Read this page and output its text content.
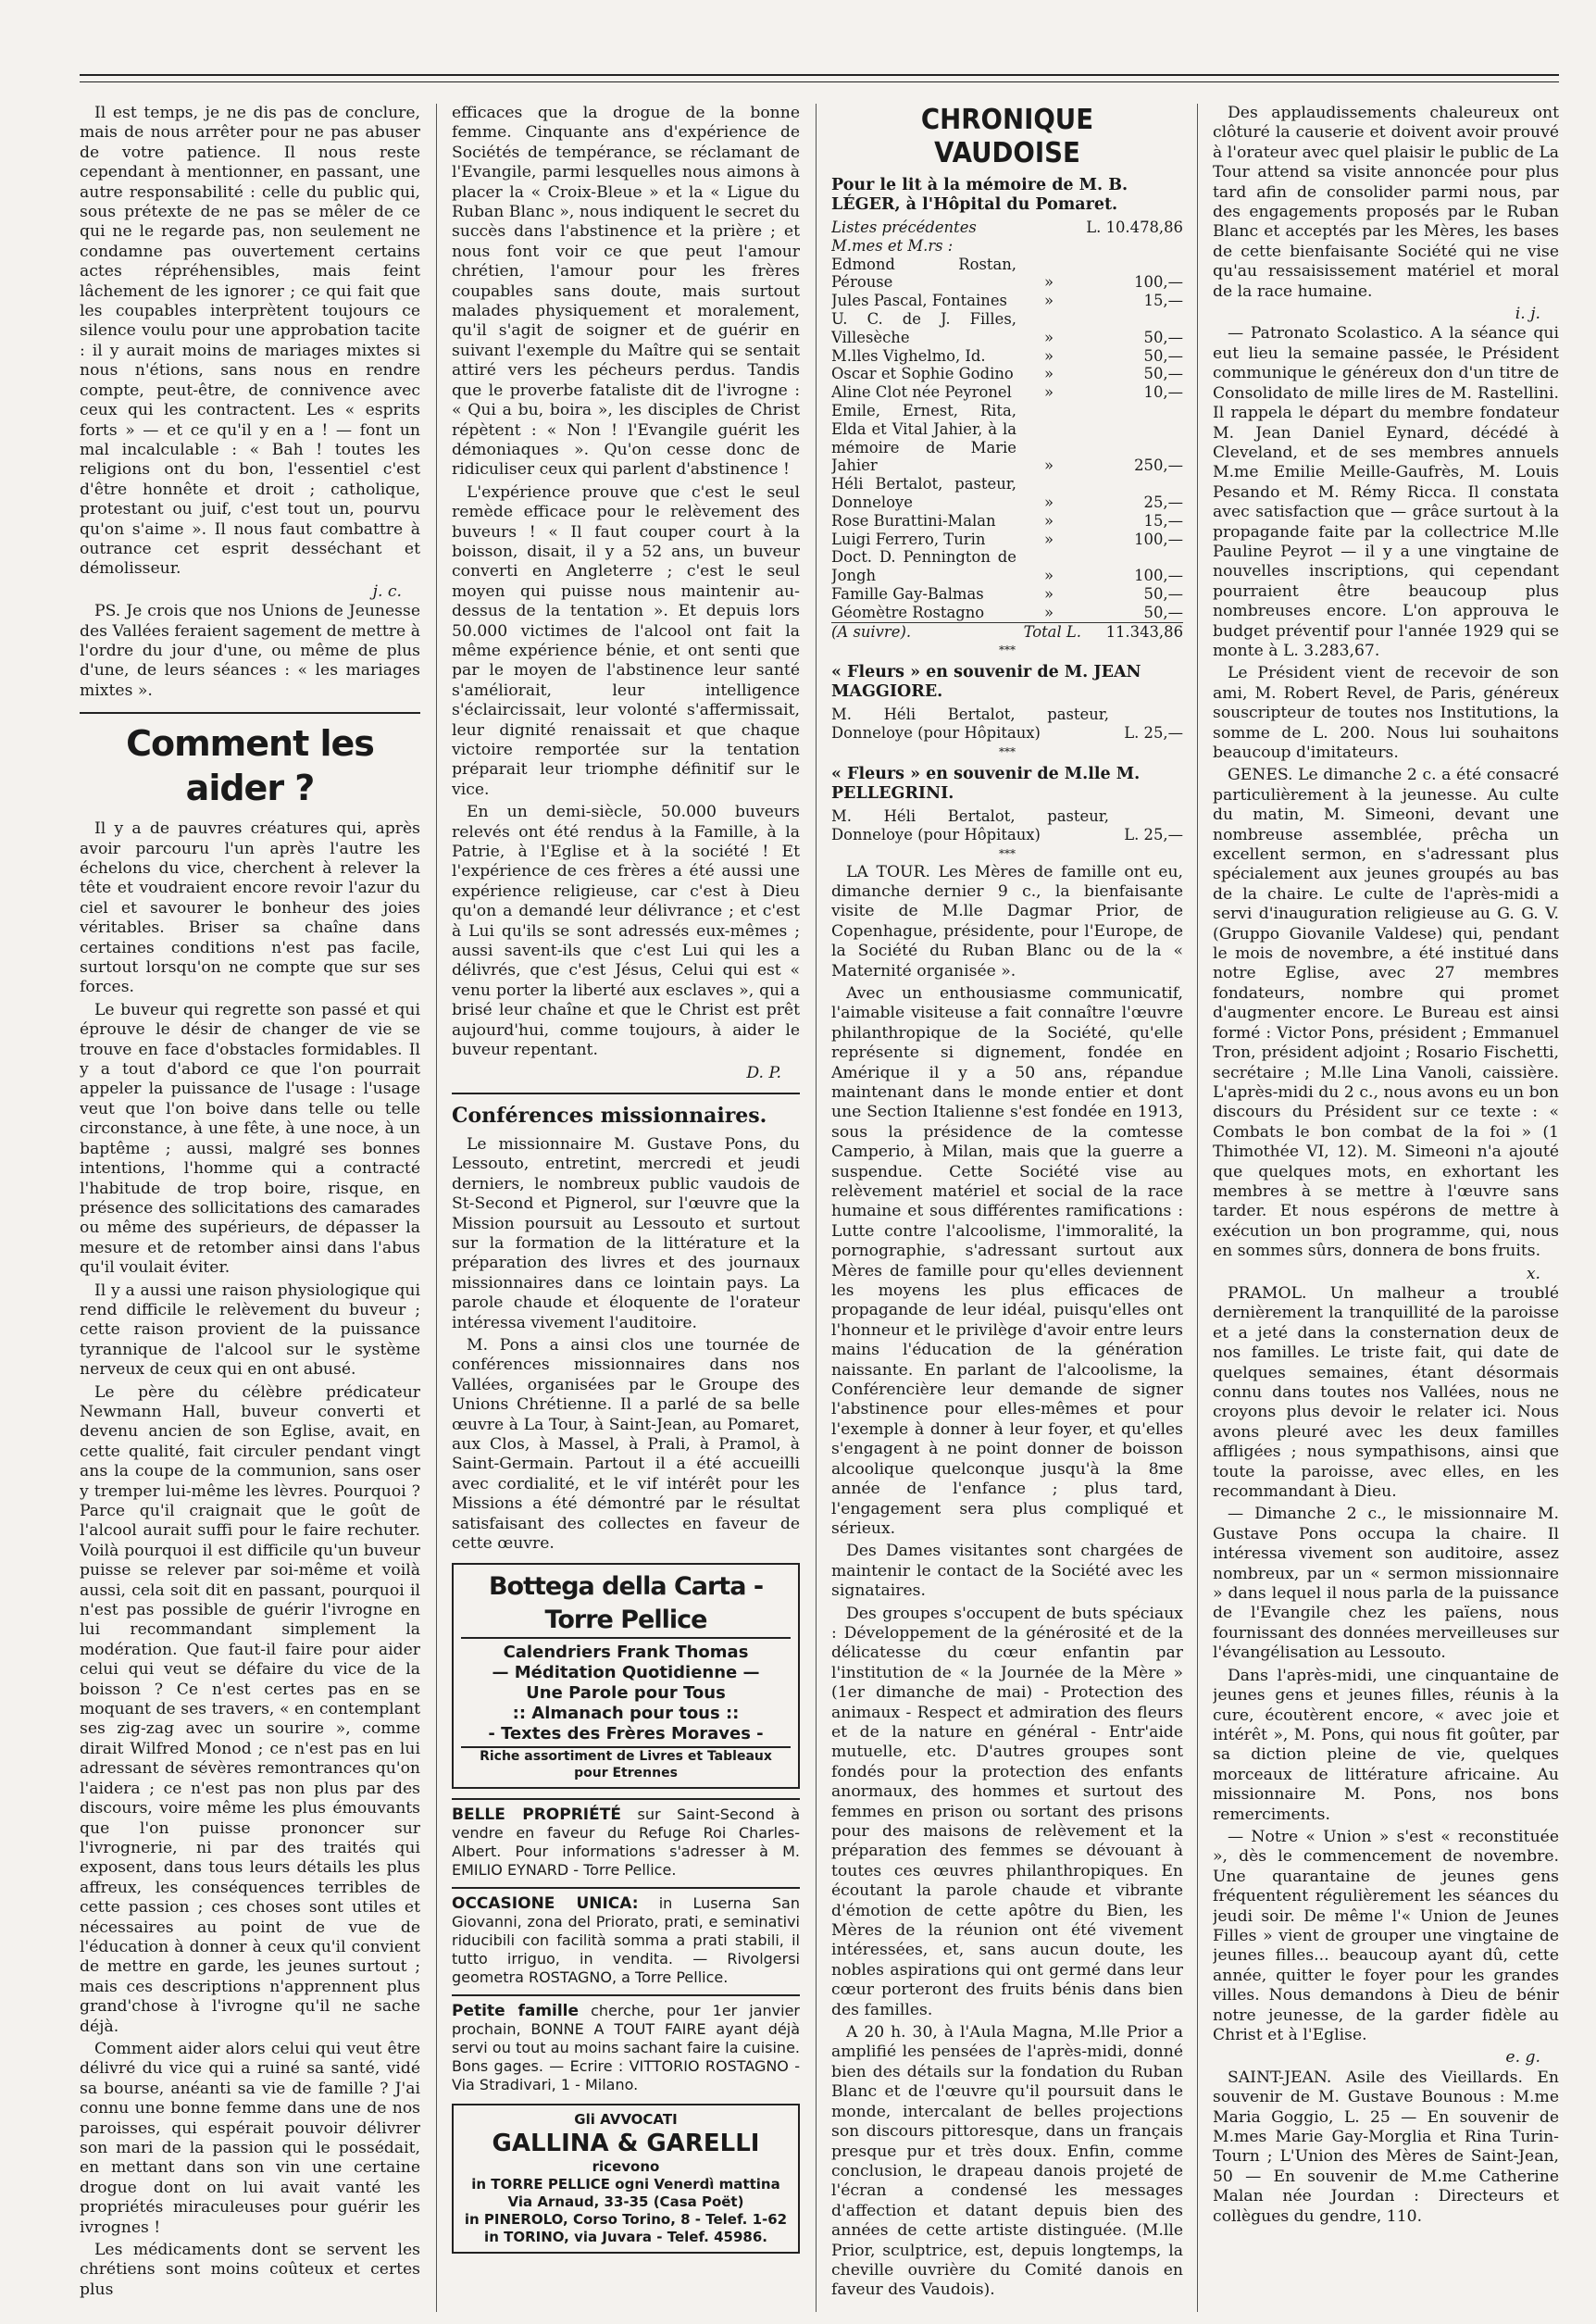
Il est temps, je ne dis pas de conclure, mais de nous arrêter pour ne pas abuser de votre patience. Il nous reste cependant à mentionner, en passant, une autre responsabilité : celle du public qui, sous prétexte de ne pas se mêler de ce qui ne le regarde pas, non seulement ne condamne pas ouvertement certains actes répréhensibles, mais feint lâchement de les ignorer ; ce qui fait que les coupables interprètent toujours ce silence voulu pour une approbation tacite : il y aurait moins de mariages mixtes si nous n'étions, sans nous en rendre compte, peut-être, de connivence avec ceux qui les contractent. Les « esprits forts » — et ce qu'il y en a ! — font un mal incalculable : « Bah ! toutes les religions ont du bon, l'essentiel c'est d'être honnête et droit ; catholique, protestant ou juif, c'est tout un, pourvu qu'on s'aime ». Il nous faut combattre à outrance cet esprit desséchant et démolisseur.

j. c.

PS. Je crois que nos Unions de Jeunesse des Vallées feraient sagement de mettre à l'ordre du jour d'une, ou même de plus d'une, de leurs séances : « les mariages mixtes ».

Comment les aider ?

Il y a de pauvres créatures qui, après avoir parcouru l'un après l'autre les échelons du vice, cherchent à relever la tête et voudraient encore revoir l'azur du ciel et savourer le bonheur des joies véritables. Briser sa chaîne dans certaines conditions n'est pas facile, surtout lorsqu'on ne compte que sur ses forces.

Le buveur qui regrette son passé et qui éprouve le désir de changer de vie se trouve en face d'obstacles formidables. Il y a tout d'abord ce que l'on pourrait appeler la puissance de l'usage : l'usage veut que l'on boive dans telle ou telle circonstance, à une fête, à une noce, à un baptême ; aussi, malgré ses bonnes intentions, l'homme qui a contracté l'habitude de trop boire, risque, en présence des sollicitations des camarades ou même des supérieurs, de dépasser la mesure et de retomber ainsi dans l'abus qu'il voulait éviter.

Il y a aussi une raison physiologique qui rend difficile le relèvement du buveur ; cette raison provient de la puissance tyrannique de l'alcool sur le système nerveux de ceux qui en ont abusé.

Le père du célèbre prédicateur Newmann Hall, buveur converti et devenu ancien de son Eglise, avait, en cette qualité, fait circuler pendant vingt ans la coupe de la communion, sans oser y tremper lui-même les lèvres. Pourquoi ? Parce qu'il craignait que le goût de l'alcool aurait suffi pour le faire rechuter. Voilà pourquoi il est difficile qu'un buveur puisse se relever par soi-même et voilà aussi, cela soit dit en passant, pourquoi il n'est pas possible de guérir l'ivrogne en lui recommandant simplement la modération. Que faut-il faire pour aider celui qui veut se défaire du vice de la boisson ? Ce n'est certes pas en se moquant de ses travers, « en contemplant ses zig-zag avec un sourire », comme dirait Wilfred Monod ; ce n'est pas en lui adressant de sévères remontrances qu'on l'aidera ; ce n'est pas non plus par des discours, voire même les plus émouvants que l'on puisse prononcer sur l'ivrognerie, ni par des traités qui exposent, dans tous leurs détails les plus affreux, les conséquences terribles de cette passion ; ces choses sont utiles et nécessaires au point de vue de l'éducation à donner à ceux qu'il convient de mettre en garde, les jeunes surtout ; mais ces descriptions n'apprennent plus grand'chose à l'ivrogne qu'il ne sache déjà.

Comment aider alors celui qui veut être délivré du vice qui a ruiné sa santé, vidé sa bourse, anéanti sa vie de famille ? J'ai connu une bonne femme dans une de nos paroisses, qui espérait pouvoir délivrer son mari de la passion qui le possédait, en mettant dans son vin une certaine drogue dont on lui avait vanté les propriétés miraculeuses pour guérir les ivrognes !

Les médicaments dont se servent les chrétiens sont moins coûteux et certes plus

efficaces que la drogue de la bonne femme. Cinquante ans d'expérience de Sociétés de tempérance, se réclamant de l'Evangile, parmi lesquelles nous aimons à placer la « Croix-Bleue » et la « Ligue du Ruban Blanc », nous indiquent le secret du succès dans l'abstinence et la prière ; et nous font voir ce que peut l'amour chrétien, l'amour pour les frères coupables sans doute, mais surtout malades physiquement et moralement, qu'il s'agit de soigner et de guérir en suivant l'exemple du Maître qui se sentait attiré vers les pécheurs perdus. Tandis que le proverbe fataliste dit de l'ivrogne : « Qui a bu, boira », les disciples de Christ répètent : « Non ! l'Evangile guérit les démoniaques ». Qu'on cesse donc de ridiculiser ceux qui parlent d'abstinence !

L'expérience prouve que c'est le seul remède efficace pour le relèvement des buveurs ! « Il faut couper court à la boisson, disait, il y a 52 ans, un buveur converti en Angleterre ; c'est le seul moyen qui puisse nous maintenir au-dessus de la tentation ». Et depuis lors 50.000 victimes de l'alcool ont fait la même expérience bénie, et ont senti que par le moyen de l'abstinence leur santé s'améliorait, leur intelligence s'éclaircissait, leur volonté s'affermissait, leur dignité renaissait et que chaque victoire remportée sur la tentation préparait leur triomphe définitif sur le vice.

En un demi-siècle, 50.000 buveurs relevés ont été rendus à la Famille, à la Patrie, à l'Eglise et à la société ! Et l'expérience de ces frères a été aussi une expérience religieuse, car c'est à Dieu qu'on a demandé leur délivrance ; et c'est à Lui qu'ils se sont adressés eux-mêmes ; aussi savent-ils que c'est Lui qui les a délivrés, que c'est Jésus, Celui qui est « venu porter la liberté aux esclaves », qui a brisé leur chaîne et que le Christ est prêt aujourd'hui, comme toujours, à aider le buveur repentant.

D. P.
Conférences missionnaires.

Le missionnaire M. Gustave Pons, du Lessouto, entretint, mercredi et jeudi derniers, le nombreux public vaudois de St-Second et Pignerol, sur l'œuvre que la Mission poursuit au Lessouto et surtout sur la formation de la littérature et la préparation des livres et des journaux missionnaires dans ce lointain pays. La parole chaude et éloquente de l'orateur intéressa vivement l'auditoire.

M. Pons a ainsi clos une tournée de conférences missionnaires dans nos Vallées, organisées par le Groupe des Unions Chrétienne. Il a parlé de sa belle œuvre à La Tour, à Saint-Jean, au Pomaret, aux Clos, à Massel, à Prali, à Pramol, à Saint-Germain. Partout il a été accueilli avec cordialité, et le vif intérêt pour les Missions a été démontré par le résultat satisfaisant des collectes en faveur de cette œuvre.

Bottega della Carta - Torre Pellice
Calendriers Frank Thomas
— Méditation Quotidienne —
Une Parole pour Tous
:: Almanach pour tous ::
- Textes des Frères Moraves -
Riche assortiment de Livres et Tableaux pour Etrennes
BELLE PROPRIÉTÉ sur Saint-Second à vendre en faveur du Refuge Roi Charles-Albert. Pour informations s'adresser à M. EMILIO EYNARD - Torre Pellice.
OCCASIONE UNICA: in Luserna San Giovanni, zona del Priorato, prati, e seminativi riducibili con facilità somma a prati stabili, il tutto irriguo, in vendita. — Rivolgersi geometra ROSTAGNO, a Torre Pellice.
Petite famille cherche, pour 1er janvier prochain, BONNE A TOUT FAIRE ayant déjà servi ou tout au moins sachant faire la cuisine. Bons gages. — Ecrire : VITTORIO ROSTAGNO - Via Stradivari, 1 - Milano.
Gli AVVOCATI
GALLINA & GARELLI
ricevono
in TORRE PELLICE ogni Venerdì mattina
Via Arnaud, 33-35 (Casa Poët)
in PINEROLO, Corso Torino, 8 - Telef. 1-62
in TORINO, via Juvara - Telef. 45986.
CHRONIQUE VAUDOISE
Pour le lit à la mémoire de M. B. LÉGER, à l'Hôpital du Pomaret.
Listes précédentes		L. 10.478,86
M.mes et M.rs :		
Edmond Rostan, Pérouse	»	100,—
Jules Pascal, Fontaines	»	15,—
U. C. de J. Filles, Villesèche	»	50,—
M.lles Vighelmo, Id.	»	50,—
Oscar et Sophie Godino	»	50,—
Aline Clot née Peyronel	»	10,—
Emile, Ernest, Rita, Elda et Vital Jahier, à la mémoire de Marie Jahier	»	250,—
Héli Bertalot, pasteur, Donneloye	»	25,—
Rose Burattini-Malan	»	15,—
Luigi Ferrero, Turin	»	100,—
Doct. D. Pennington de Jongh	»	100,—
Famille Gay-Balmas	»	50,—
Géomètre Rostagno	»	50,—
(A suivre).	Total L.	11.343,86
***
« Fleurs » en souvenir de M. JEAN MAGGIORE.
M. Héli Bertalot, pasteur, Donneloye (pour Hôpitaux)	L. 25,—
***
« Fleurs » en souvenir de M.lle M. PELLEGRINI.
M. Héli Bertalot, pasteur, Donneloye (pour Hôpitaux)	L. 25,—
***

LA TOUR. Les Mères de famille ont eu, dimanche dernier 9 c., la bienfaisante visite de M.lle Dagmar Prior, de Copenhague, présidente, pour l'Europe, de la Société du Ruban Blanc ou de la « Maternité organisée ».

Avec un enthousiasme communicatif, l'aimable visiteuse a fait connaître l'œuvre philanthropique de la Société, qu'elle représente si dignement, fondée en Amérique il y a 50 ans, répandue maintenant dans le monde entier et dont une Section Italienne s'est fondée en 1913, sous la présidence de la comtesse Camperio, à Milan, mais que la guerre a suspendue. Cette Société vise au relèvement matériel et social de la race humaine et sous différentes ramifications : Lutte contre l'alcoolisme, l'immoralité, la pornographie, s'adressant surtout aux Mères de famille pour qu'elles deviennent les moyens les plus efficaces de propagande de leur idéal, puisqu'elles ont l'honneur et le privilège d'avoir entre leurs mains l'éducation de la génération naissante. En parlant de l'alcoolisme, la Conférencière leur demande de signer l'abstinence pour elles-mêmes et pour l'exemple à donner à leur foyer, et qu'elles s'engagent à ne point donner de boisson alcoolique quelconque jusqu'à la 8me année de l'enfance ; plus tard, l'engagement sera plus compliqué et sérieux.

Des Dames visitantes sont chargées de maintenir le contact de la Société avec les signataires.

Des groupes s'occupent de buts spéciaux : Développement de la générosité et de la délicatesse du cœur enfantin par l'institution de « la Journée de la Mère » (1er dimanche de mai) - Protection des animaux - Respect et admiration des fleurs et de la nature en général - Entr'aide mutuelle, etc. D'autres groupes sont fondés pour la protection des enfants anormaux, des hommes et surtout des femmes en prison ou sortant des prisons pour des maisons de relèvement et la préparation des femmes se dévouant à toutes ces œuvres philanthropiques. En écoutant la parole chaude et vibrante d'émotion de cette apôtre du Bien, les Mères de la réunion ont été vivement intéressées, et, sans aucun doute, les nobles aspirations qui ont germé dans leur cœur porteront des fruits bénis dans bien des familles.

A 20 h. 30, à l'Aula Magna, M.lle Prior a amplifié les pensées de l'après-midi, donné bien des détails sur la fondation du Ruban Blanc et de l'œuvre qu'il poursuit dans le monde, intercalant de belles projections son discours pittoresque, dans un français presque pur et très doux. Enfin, comme conclusion, le drapeau danois projeté de l'écran a condensé les messages d'affection et datant depuis bien des années de cette artiste distinguée. (M.lle Prior, sculptrice, est, depuis longtemps, la cheville ouvrière du Comité danois en faveur des Vaudois).

Des applaudissements chaleureux ont clôturé la causerie et doivent avoir prouvé à l'orateur avec quel plaisir le public de La Tour attend sa visite annoncée pour plus tard afin de consolider parmi nous, par des engagements proposés par le Ruban Blanc et acceptés par les Mères, les bases de cette bienfaisante Société qui ne vise qu'au ressaisissement matériel et moral de la race humaine.

i. j.

— Patronato Scolastico. A la séance qui eut lieu la semaine passée, le Président communique le généreux don d'un titre de Consolidato de mille lires de M. Rastellini. Il rappela le départ du membre fondateur M. Jean Daniel Eynard, décédé à Cleveland, et de ses membres annuels M.me Emilie Meille-Gaufrès, M. Louis Pesando et M. Rémy Ricca. Il constata avec satisfaction que — grâce surtout à la propagande faite par la collectrice M.lle Pauline Peyrot — il y a une vingtaine de nouvelles inscriptions, qui cependant pourraient être beaucoup plus nombreuses encore. L'on approuva le budget préventif pour l'année 1929 qui se monte à L. 3.283,67.

Le Président vient de recevoir de son ami, M. Robert Revel, de Paris, généreux souscripteur de toutes nos Institutions, la somme de L. 200. Nous lui souhaitons beaucoup d'imitateurs.

GENES. Le dimanche 2 c. a été consacré particulièrement à la jeunesse. Au culte du matin, M. Simeoni, devant une nombreuse assemblée, prêcha un excellent sermon, en s'adressant plus spécialement aux jeunes groupés au bas de la chaire. Le culte de l'après-midi a servi d'inauguration religieuse au G. G. V. (Gruppo Giovanile Valdese) qui, pendant le mois de novembre, a été institué dans notre Eglise, avec 27 membres fondateurs, nombre qui promet d'augmenter encore. Le Bureau est ainsi formé : Victor Pons, président ; Emmanuel Tron, président adjoint ; Rosario Fischetti, secrétaire ; M.lle Lina Vanoli, caissière. L'après-midi du 2 c., nous avons eu un bon discours du Président sur ce texte : « Combats le bon combat de la foi » (1 Thimothée VI, 12). M. Simeoni n'a ajouté que quelques mots, en exhortant les membres à se mettre à l'œuvre sans tarder. Et nous espérons de mettre à exécution un bon programme, qui, nous en sommes sûrs, donnera de bons fruits.

x.

PRAMOL. Un malheur a troublé dernièrement la tranquillité de la paroisse et a jeté dans la consternation deux de nos familles. Le triste fait, qui date de quelques semaines, étant désormais connu dans toutes nos Vallées, nous ne croyons plus devoir le relater ici. Nous avons pleuré avec les deux familles affligées ; nous sympathisons, ainsi que toute la paroisse, avec elles, en les recommandant à Dieu.

— Dimanche 2 c., le missionnaire M. Gustave Pons occupa la chaire. Il intéressa vivement son auditoire, assez nombreux, par un « sermon missionnaire » dans lequel il nous parla de la puissance de l'Evangile chez les païens, nous fournissant des données merveilleuses sur l'évangélisation au Lessouto.

Dans l'après-midi, une cinquantaine de jeunes gens et jeunes filles, réunis à la cure, écoutèrent encore, « avec joie et intérêt », M. Pons, qui nous fit goûter, par sa diction pleine de vie, quelques morceaux de littérature africaine. Au missionnaire M. Pons, nos bons remerciments.

— Notre « Union » s'est « reconstituée », dès le commencement de novembre. Une quarantaine de jeunes gens fréquentent régulièrement les séances du jeudi soir. De même l'« Union de Jeunes Filles » vient de grouper une vingtaine de jeunes filles... beaucoup ayant dû, cette année, quitter le foyer pour les grandes villes. Nous demandons à Dieu de bénir notre jeunesse, de la garder fidèle au Christ et à l'Eglise.

e. g.

SAINT-JEAN. Asile des Vieillards. En souvenir de M. Gustave Bounous : M.me Maria Goggio, L. 25 — En souvenir de M.mes Marie Gay-Morglia et Rina Turin-Tourn ; L'Union des Mères de Saint-Jean, 50 — En souvenir de M.me Catherine Malan née Jourdan : Directeurs et collègues du gendre, 110.
